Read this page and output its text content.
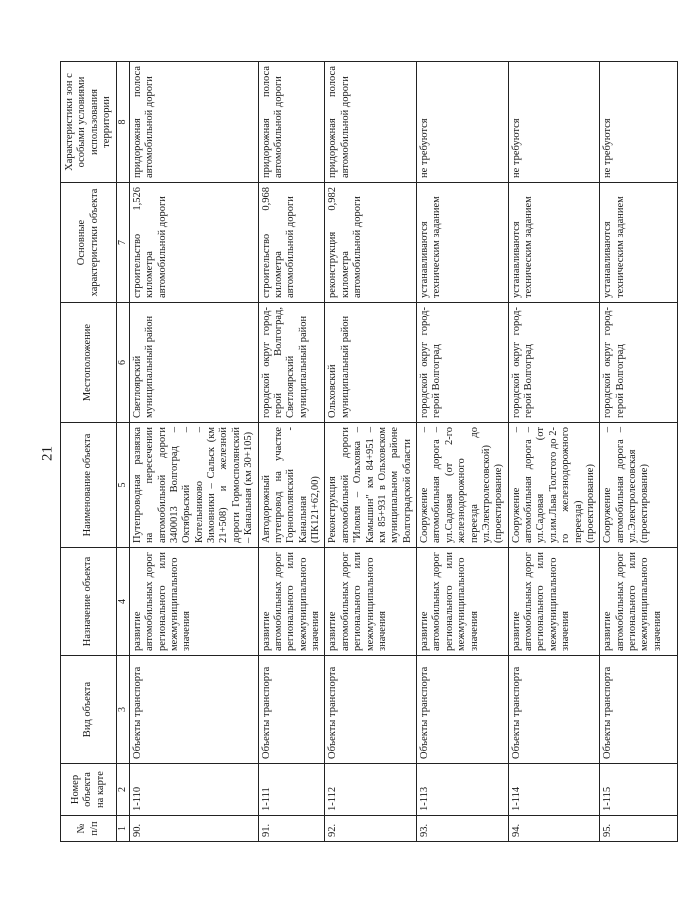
21
№ п/п	Номер объекта на карте	Вид объекта	Назначение объекта	Наименование объекта	Местоположение	Основные характеристики объекта	Характеристики зон с особыми условиями использования территории
1	2	3	4	5	6	7	8
90.	1-110	Объекты транспорта	развитие автомобильных дорог регионального или межмуниципального значения	Путепроводная развязка на пересечении автомобильной дороги 3400013 Волгоград – Октябрьский – Котельниково – Зимовники – Сальск (км 21+508) и железной дороги Гормосполянский – Канальная (км 30+105)	Светлоярский муниципальный район	строительство 1,526 километра автомобильной дороги	придорожная полоса автомобильной дороги
91.	1-111	Объекты транспорта	развитие автомобильных дорог регионального или межмуниципального значения	Автодорожный путепровод на участке Горнополянский - Канальная (ПК121+62,00)	городской округ город-герой Волгоград, Светлоярский муниципальный район	строительство 0,968 километра автомобильной дороги	придорожная полоса автомобильной дороги
92.	1-112	Объекты транспорта	развитие автомобильных дорог регионального или межмуниципального значения	Реконструкция автомобильной дороги "Иловля – Ольховка – Камышин" км 84+951 – км 85+931 в Ольховском муниципальном районе Волгоградской области	Ольховский муниципальный район	реконструкция 0,982 километра автомобильной дороги	придорожная полоса автомобильной дороги
93.	1-113	Объекты транспорта	развитие автомобильных дорог регионального или межмуниципального значения	Сооружение – автомобильная дорога – ул.Садовая (от 2-го железнодорожного переезда до ул.Электролесовской) (проектирование)	городской округ город-герой Волгоград	устанавливаются техническим заданием	не требуются
94.	1-114	Объекты транспорта	развитие автомобильных дорог регионального или межмуниципального значения	Сооружение – автомобильная дорога – ул.Садовая (от ул.им.Льва Толстого до 2-го железнодорожного переезда) (проектирование)	городской округ город-герой Волгоград	устанавливаются техническим заданием	не требуются
95.	1-115	Объекты транспорта	развитие автомобильных дорог регионального или межмуниципального значения	Сооружение – автомобильная дорога – ул.Электролесовская (проектирование)	городской округ город-герой Волгоград	устанавливаются техническим заданием	не требуются
